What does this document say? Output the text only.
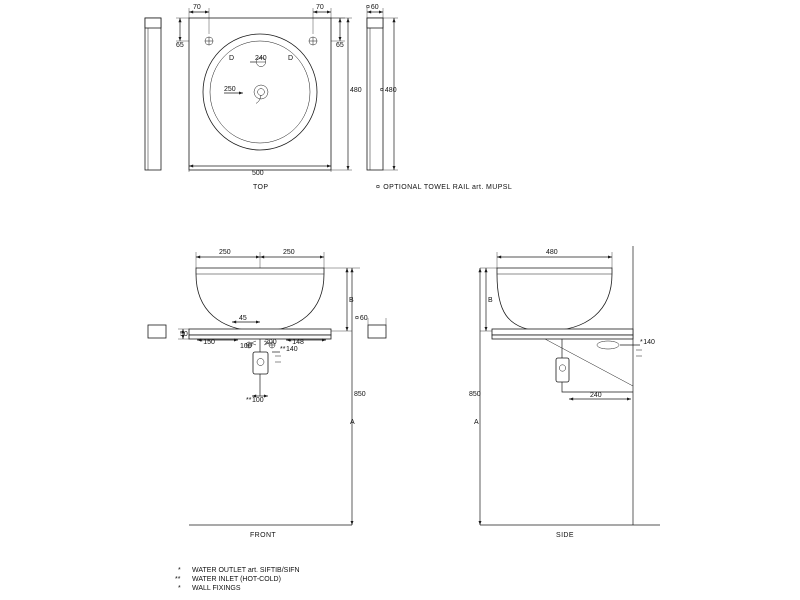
70	70
65	65
D	D
240
250	480
500
TOP
¤60
¤480
¤ OPTIONAL TOWEL RAIL art. MUPSL
250	250
B
¤60
50
45
*150
100
200 *148
**140
**100
850
A
FRONT
480
B
*140
240
850
A
SIDE
* WATER OUTLET art. SIFTIB/SIFN
** WATER INLET (HOT-COLD)
* WALL FIXINGS
